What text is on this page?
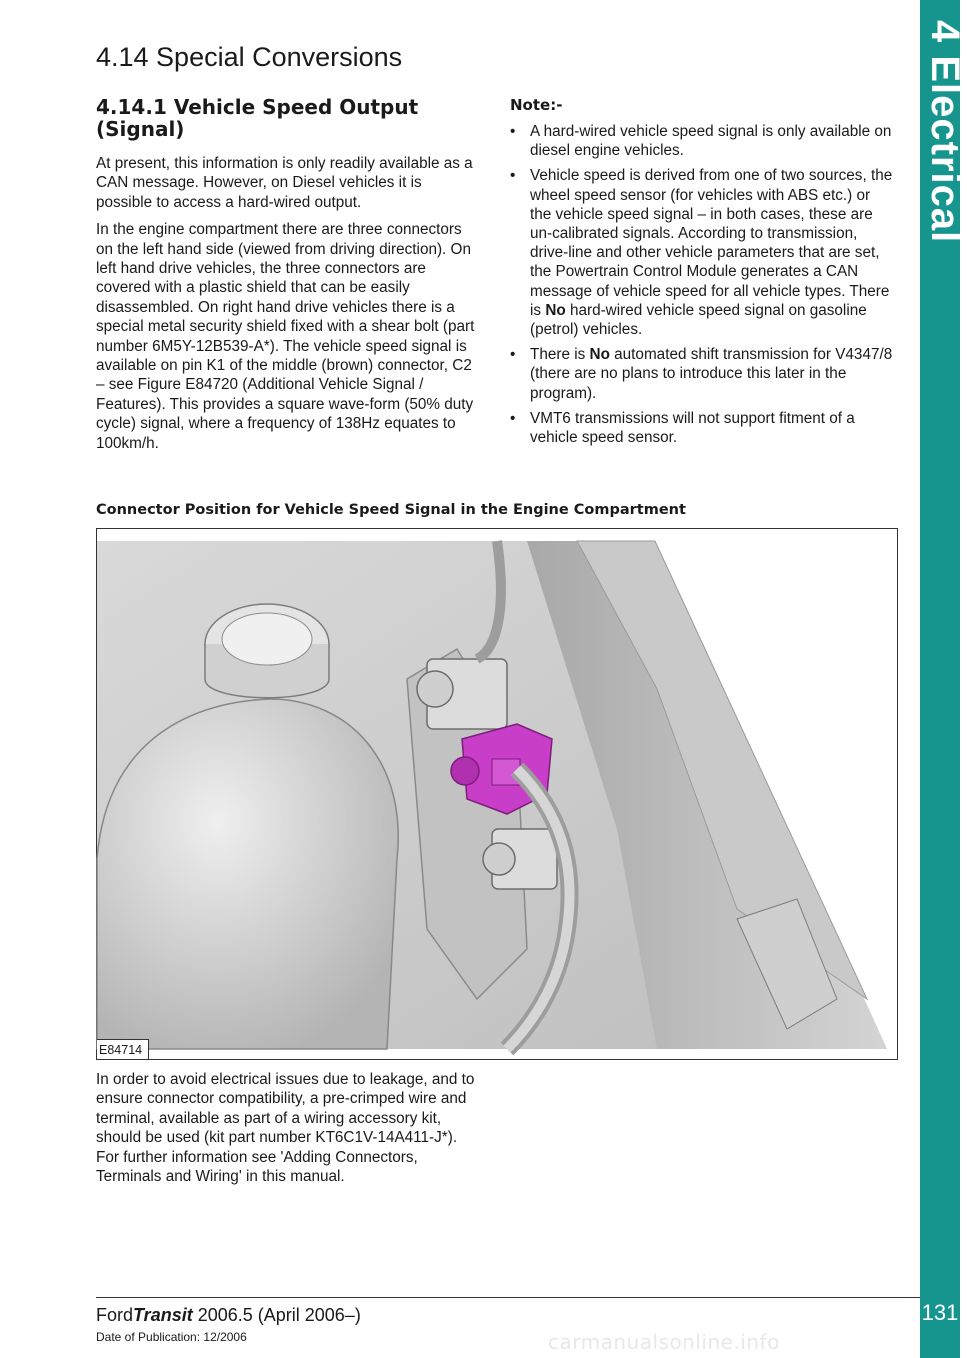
4 Electrical
131
4.14 Special Conversions
4.14.1 Vehicle Speed Output (Signal)

At present, this information is only readily available as a CAN message. However, on Diesel vehicles it is possible to access a hard-wired output.

In the engine compartment there are three connectors on the left hand side (viewed from driving direction). On left hand drive vehicles, the three connectors are covered with a plastic shield that can be easily disassembled. On right hand drive vehicles there is a special metal security shield fixed with a shear bolt (part number 6M5Y-12B539-A*). The vehicle speed signal is available on pin K1 of the middle (brown) connector, C2 – see Figure E84720 (Additional Vehicle Signal / Features). This provides a square wave-form (50% duty cycle) signal, where a frequency of 138Hz equates to 100km/h.

Note:-
• A hard-wired vehicle speed signal is only available on diesel engine vehicles.
• Vehicle speed is derived from one of two sources, the wheel speed sensor (for vehicles with ABS etc.) or the vehicle speed signal – in both cases, these are un-calibrated signals. According to transmission, drive-line and other vehicle parameters that are set, the Powertrain Control Module generates a CAN message of vehicle speed for all vehicle types. There is No hard-wired vehicle speed signal on gasoline (petrol) vehicles.
• There is No automated shift transmission for V4347/8 (there are no plans to introduce this later in the program).
• VMT6 transmissions will not support fitment of a vehicle speed sensor.
Connector Position for Vehicle Speed Signal in the Engine Compartment
E84714

In order to avoid electrical issues due to leakage, and to ensure connector compatibility, a pre-crimped wire and terminal, available as part of a wiring accessory kit, should be used (kit part number KT6C1V-14A411-J*). For further information see 'Adding Connectors, Terminals and Wiring' in this manual.

FordTransit 2006.5 (April 2006–)
Date of Publication: 12/2006	carmanualsonline.info
